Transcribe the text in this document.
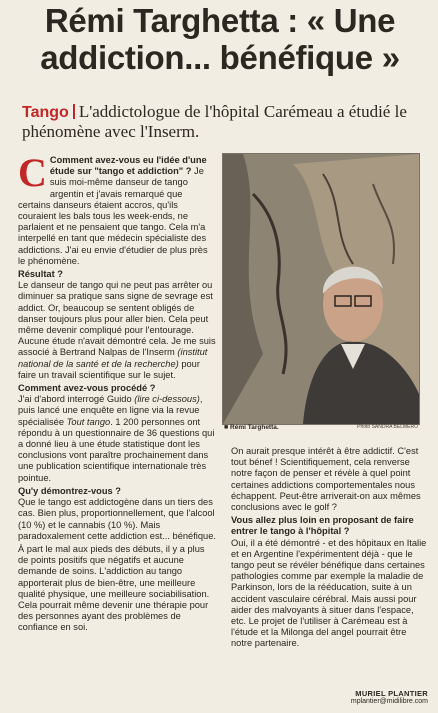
Rémi Targhetta : « Une addiction... bénéfique »
Tango L'addictologue de l'hôpital Carémeau a étudié le phénomène avec l'Inserm.

C Comment avez-vous eu l'idée d'une étude sur "tango et addiction" ? Je suis moi-même danseur de tango argentin et j'avais remarqué que certains danseurs étaient accros, qu'ils couraient les bals tous les week-ends, ne parlaient et ne pensaient que tango. Cela m'a interpellé en tant que médecin spécialiste des addictions. J'ai eu envie d'étudier de plus près le phénomène.

Résultat ?
Le danseur de tango qui ne peut pas arrêter ou diminuer sa pratique sans signe de sevrage est addict. Or, beaucoup se sentent obligés de danser toujours plus pour aller bien. Cela peut même devenir compliqué pour l'entourage. Aucune étude n'avait démontré cela. Je me suis associé à Bertrand Nalpas de l'Inserm (institut national de la santé et de la recherche) pour faire un travail scientifique sur le sujet.

Comment avez-vous procédé ?
J'ai d'abord interrogé Guido (lire ci-dessous), puis lancé une enquête en ligne via la revue spécialisée Tout tango. 1 200 personnes ont répondu à un questionnaire de 36 questions qui a donné lieu à une étude statistique dont les conclusions vont paraître prochainement dans une publication scientifique internationale très pointue.

Qu'y démontrez-vous ?
Que le tango est addictogène dans un tiers des cas. Bien plus, proportionnellement, que l'alcool (10 %) et le cannabis (10 %). Mais paradoxalement cette addiction est... bénéfique.

À part le mal aux pieds des débuts, il y a plus de points positifs que négatifs et aucune demande de soins. L'addiction au tango apporterait plus de bien-être, une meilleure qualité physique, une meilleure sociabilisation. Cela pourrait même devenir une thérapie pour des personnes ayant des problèmes de confiance en soi.

■ Rémi Targhetta.	Photo SANDRA BELMERO

On aurait presque intérêt à être addictif. C'est tout bénef ! Scientifiquement, cela renverse notre façon de penser et révèle à quel point certaines addictions comportementales nous échappent. Peut-être arriverait-on aux mêmes conclusions avec le golf ?

Vous allez plus loin en proposant de faire entrer le tango à l'hôpital ?
Oui, il a été démontré - et des hôpitaux en Italie et en Argentine l'expérimentent déjà - que le tango peut se révéler bénéfique dans certaines pathologies comme par exemple la maladie de Parkinson, lors de la rééducation, suite à un accident vasculaire cérébral. Mais aussi pour aider des malvoyants à situer dans l'espace, etc. Le projet de l'utiliser à Carémeau est à l'étude et la Milonga del angel pourrait être notre partenaire.

MURIEL PLANTIER
mplantier@midilibre.com
